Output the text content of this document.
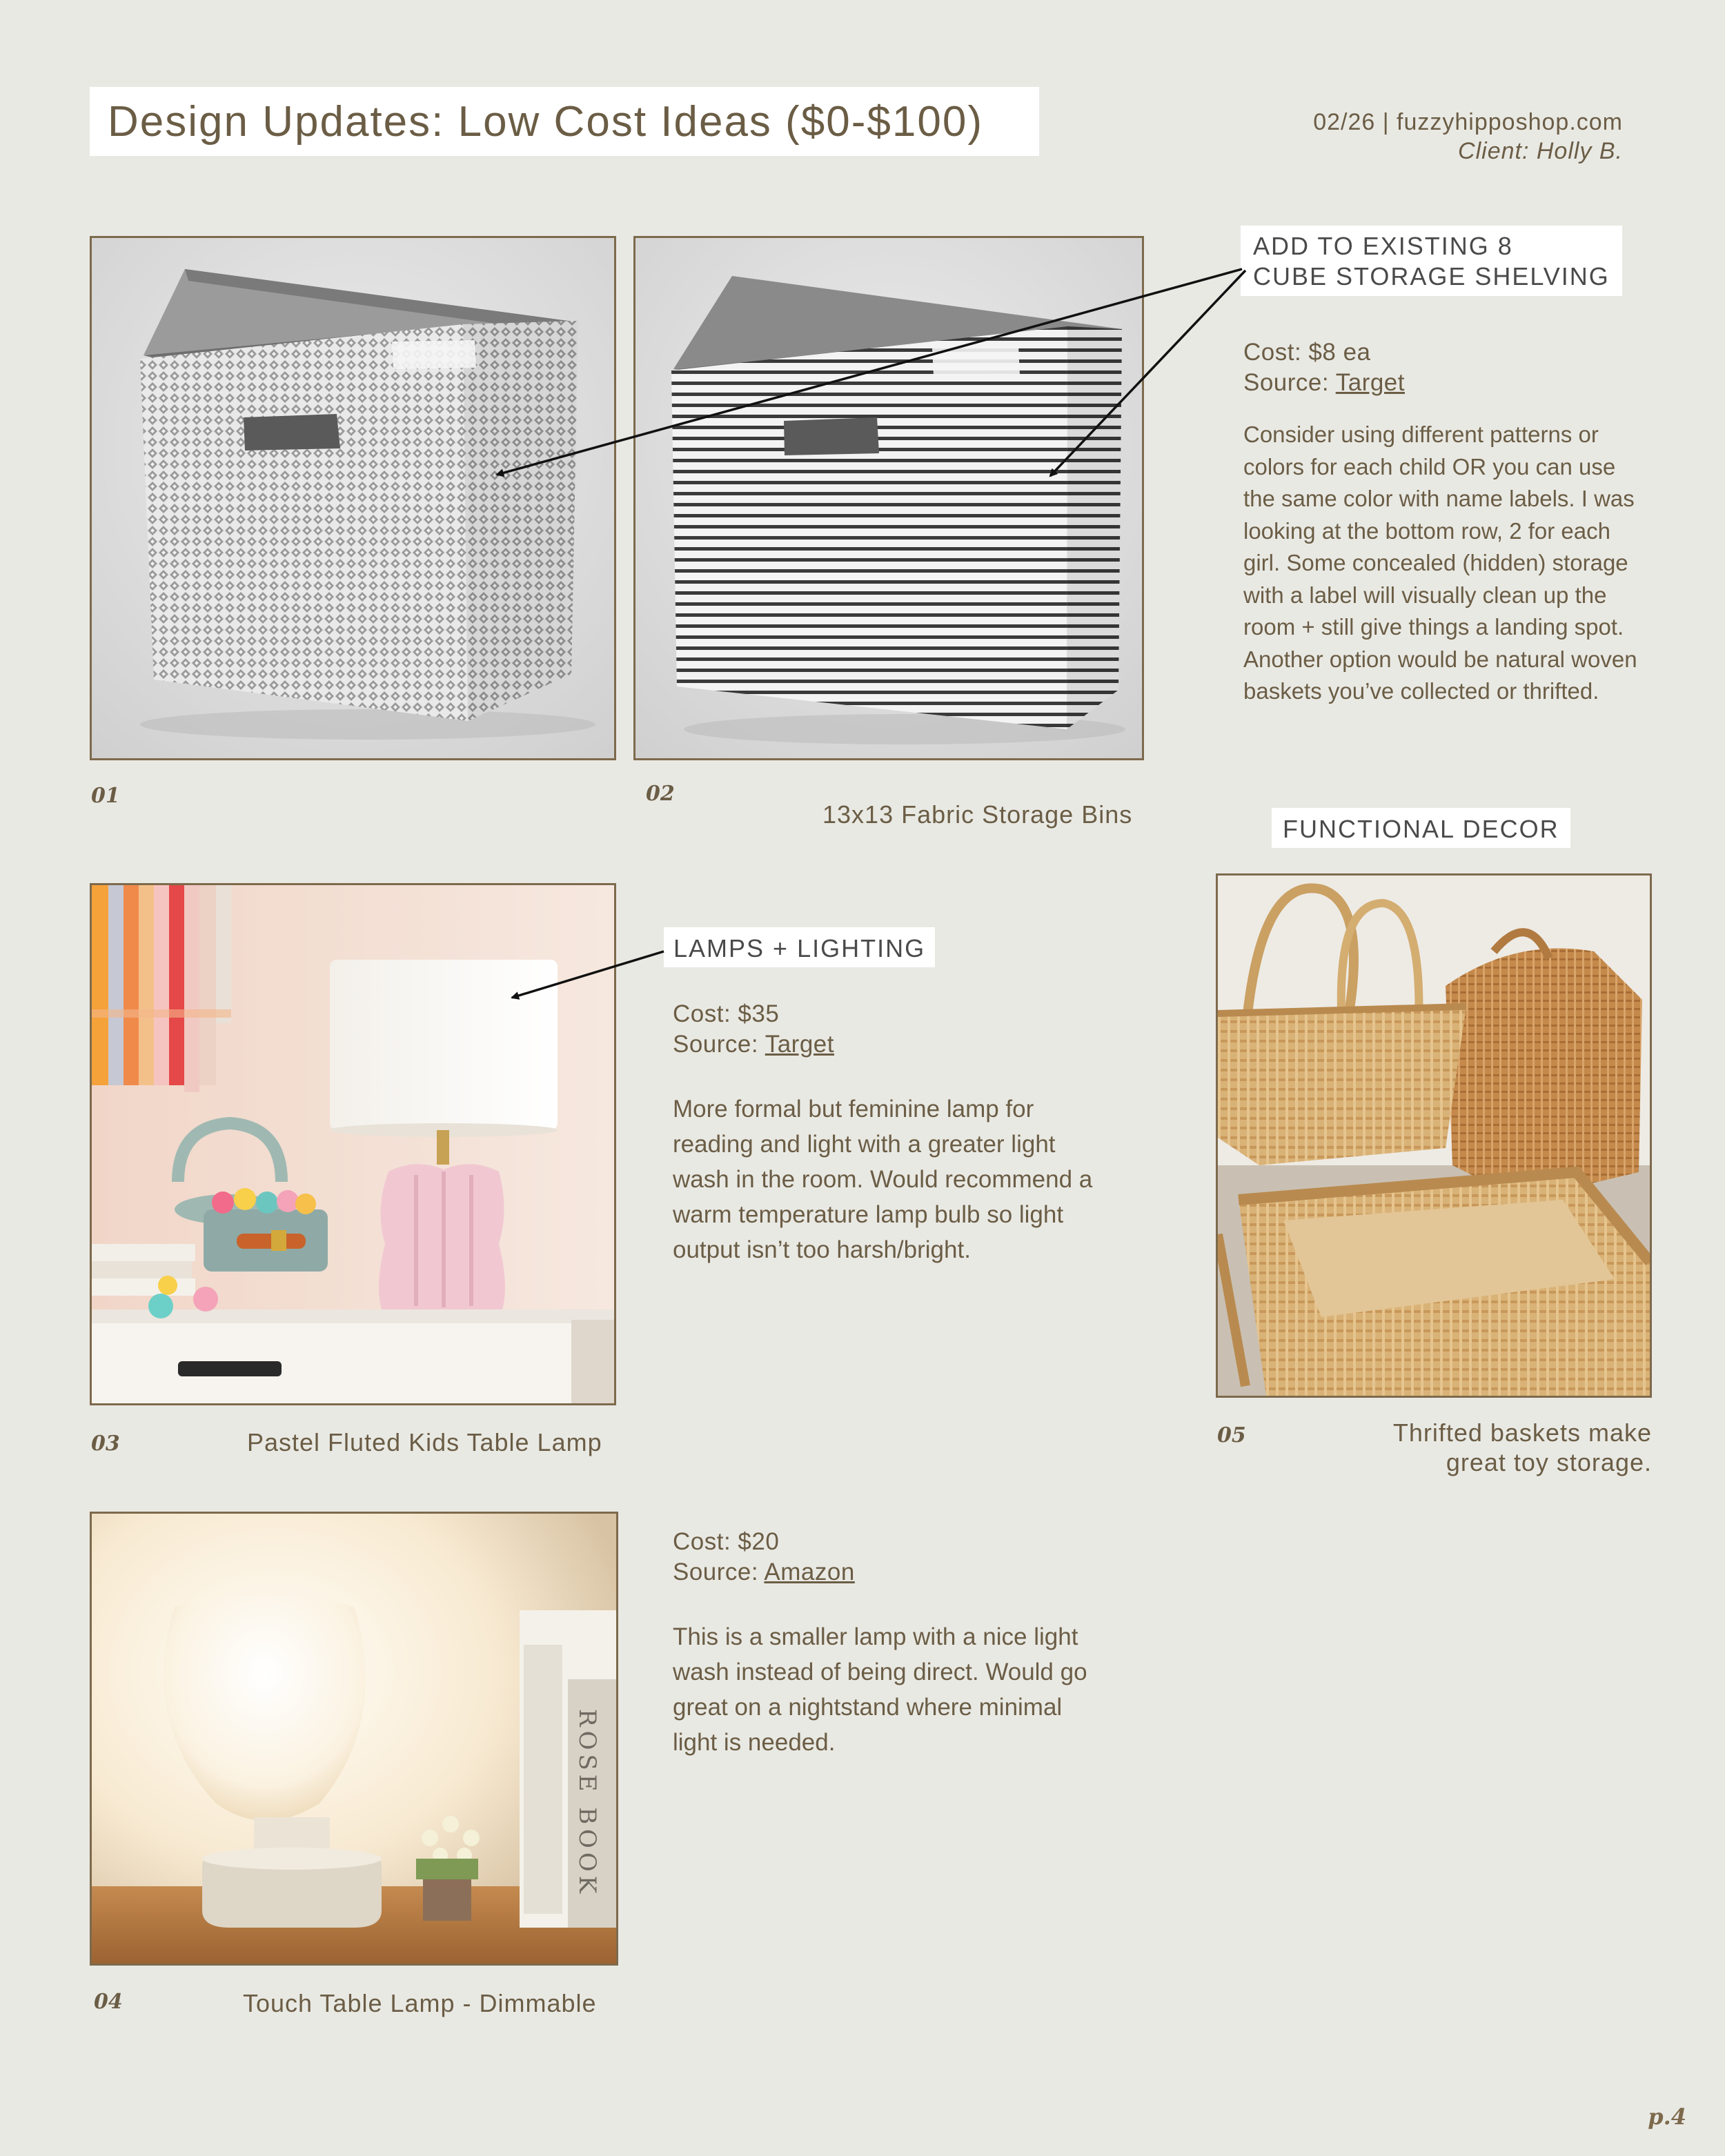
Design Updates: Low Cost Ideas ($0-$100)	02/26 | fuzzyhipposhop.com
Client: Holly B.
ADD TO EXISTING 8
CUBE STORAGE SHELVING
Cost: $8 ea
Source: Target
Consider using different patterns or
colors for each child OR you can use
the same color with name labels. I was
looking at the bottom row, 2 for each
girl. Some concealed (hidden) storage
with a label will visually clean up the
room + still give things a landing spot.
Another option would be natural woven
baskets you’ve collected or thrifted.
01	02
13x13 Fabric Storage Bins
FUNCTIONAL DECOR
LAMPS + LIGHTING
Cost: $35
Source: Target
More formal but feminine lamp for
reading and light with a greater light
wash in the room. Would recommend a
warm temperature lamp bulb so light
output isn’t too harsh/bright.
03	Pastel Fluted Kids Table Lamp	05	Thrifted baskets make
great toy storage.
ROSE BOOK
Cost: $20
Source: Amazon
This is a smaller lamp with a nice light
wash instead of being direct. Would go
great on a nightstand where minimal
light is needed.
04	Touch Table Lamp - Dimmable
p.4
